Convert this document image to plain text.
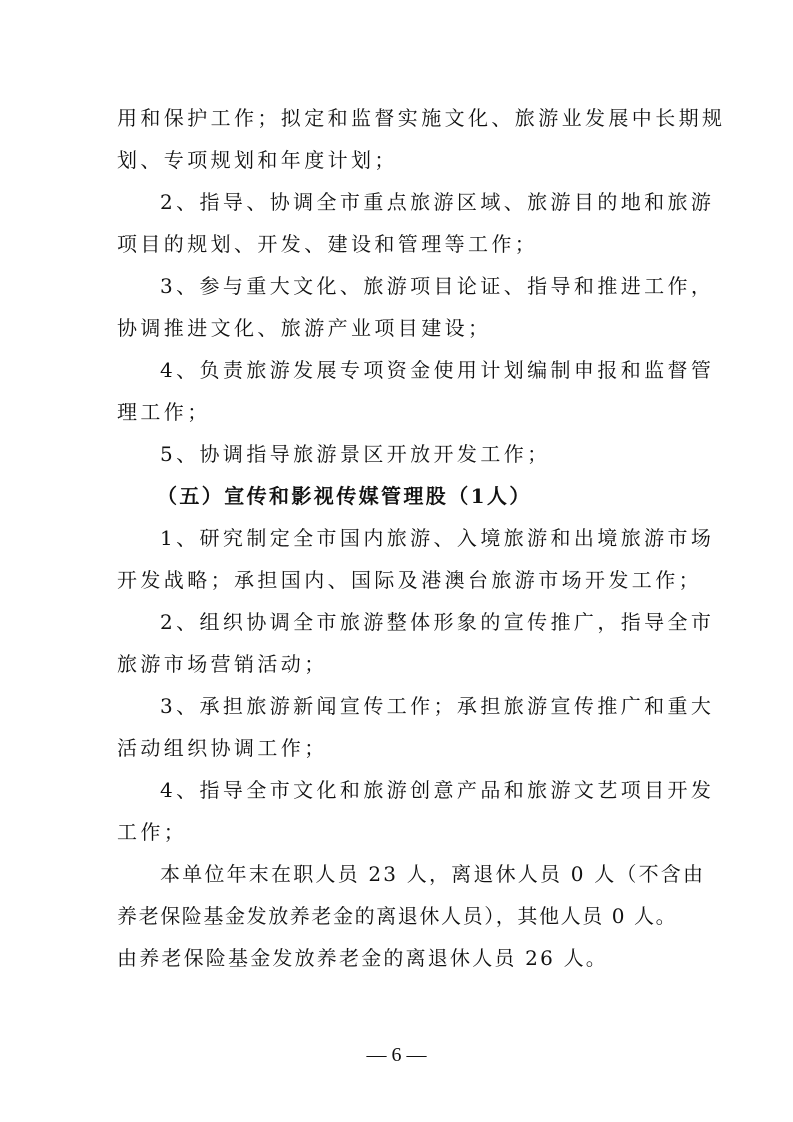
用和保护工作；拟定和监督实施文化、旅游业发展中长期规
划、专项规划和年度计划；
2、指导、协调全市重点旅游区域、旅游目的地和旅游
项目的规划、开发、建设和管理等工作；
3、参与重大文化、旅游项目论证、指导和推进工作，
协调推进文化、旅游产业项目建设；
4、负责旅游发展专项资金使用计划编制申报和监督管
理工作；
5、协调指导旅游景区开放开发工作；
（五）宣传和影视传媒管理股（1人）
1、研究制定全市国内旅游、入境旅游和出境旅游市场
开发战略；承担国内、国际及港澳台旅游市场开发工作；
2、组织协调全市旅游整体形象的宣传推广，指导全市
旅游市场营销活动；
3、承担旅游新闻宣传工作；承担旅游宣传推广和重大
活动组织协调工作；
4、指导全市文化和旅游创意产品和旅游文艺项目开发
工作；
本单位年末在职人员 23 人，离退休人员 0 人（不含由
养老保险基金发放养老金的离退休人员），其他人员 0 人。
由养老保险基金发放养老金的离退休人员 26 人。
— 6 —
